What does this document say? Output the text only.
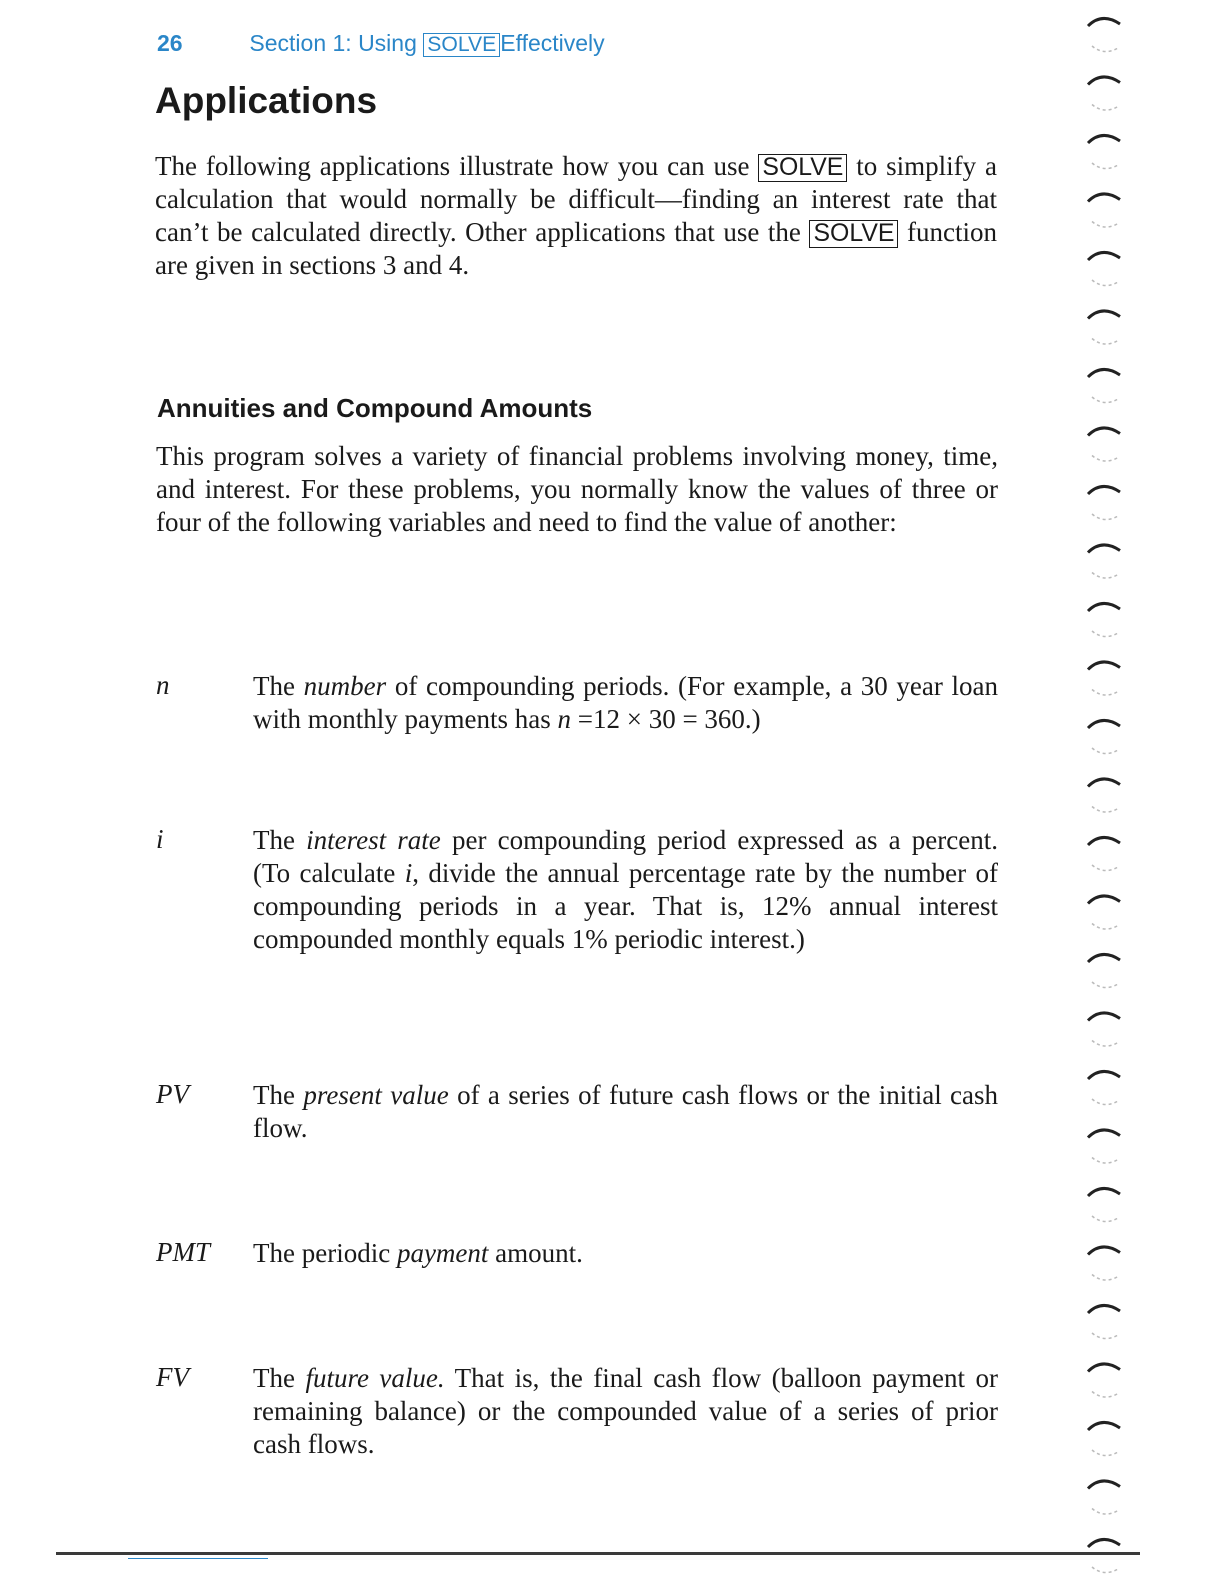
26	Section 1: Using SOLVE Effectively
Applications
The following applications illustrate how you can use SOLVE to simplify a calculation that would normally be difficult—finding an interest rate that can’t be calculated directly. Other applications that use the SOLVE function are given in sections 3 and 4.
Annuities and Compound Amounts
This program solves a variety of financial problems involving money, time, and interest. For these problems, you normally know the values of three or four of the following variables and need to find the value of another:
n	The number of compounding periods. (For example, a 30 year loan with monthly payments has n =12 × 30 = 360.)
i	The interest rate per compounding period expressed as a percent. (To calculate i, divide the annual percentage rate by the number of compounding periods in a year. That is, 12% annual interest compounded monthly equals 1% periodic interest.)
PV The present value of a series of future cash flows or the initial cash flow.
PMT The periodic payment amount.
FV The future value. That is, the final cash flow (balloon payment or remaining balance) or the compounded value of a series of prior cash flows.
